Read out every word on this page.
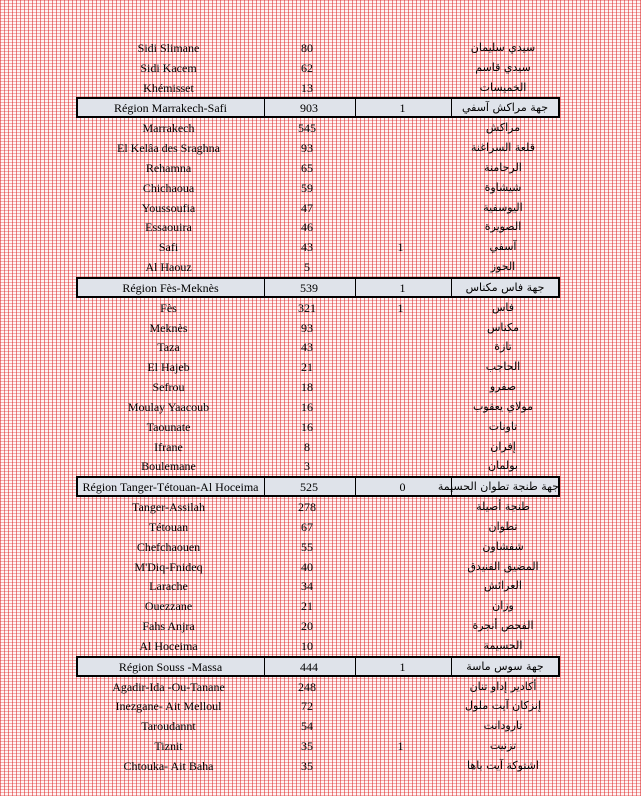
Sidi Slimane	80	سيدي سليمان
Sidi Kacem	62	سيدي قاسم
Khémisset	13	الخميسات
Région Marrakech-Safi	903	1	جهة مراكش آسفي
Marrakech	545	مراكش
El Kelâa des Sraghna	93	قلعة السراغنة
Rehamna	65	الرحامنة
Chichaoua	59	شيشاوة
Youssoufia	47	اليوسفية
Essaouira	46	الصويرة
Safi	43	1	آسفي
Al Haouz	5	الحوز
Région Fès-Meknès	539	1	جهة فاس مكناس
Fès	321	1	فاس
Meknès	93	مكناس
Taza	43	تازة
El Hajeb	21	الحاجب
Sefrou	18	صفرو
Moulay Yaacoub	16	مولاي يعقوب
Taounate	16	تاونات
Ifrane	8	إفران
Boulemane	3	بولمان
Région Tanger-Tétouan-Al Hoceima	525	0	جهة طنجة تطوان الحسيمة
Tanger-Assilah	278	طنجة أصيلة
Tétouan	67	تطوان
Chefchaouen	55	شفشاون
M'Diq-Fnideq	40	المضيق الفنيدق
Larache	34	العرائش
Ouezzane	21	وزان
Fahs Anjra	20	الفحص أنجرة
Al Hoceima	10	الحسيمة
Région Souss -Massa	444	1	جهة سوس ماسة
Agadir-Ida -Ou-Tanane	248	أكادير إداو تنان
Inezgane- Ait Melloul	72	إنزكان آيت ملول
Taroudannt	54	تارودانت
Tiznit	35	1	تزنيت
Chtouka- Ait Baha	35	اشتوكة آيت باها
